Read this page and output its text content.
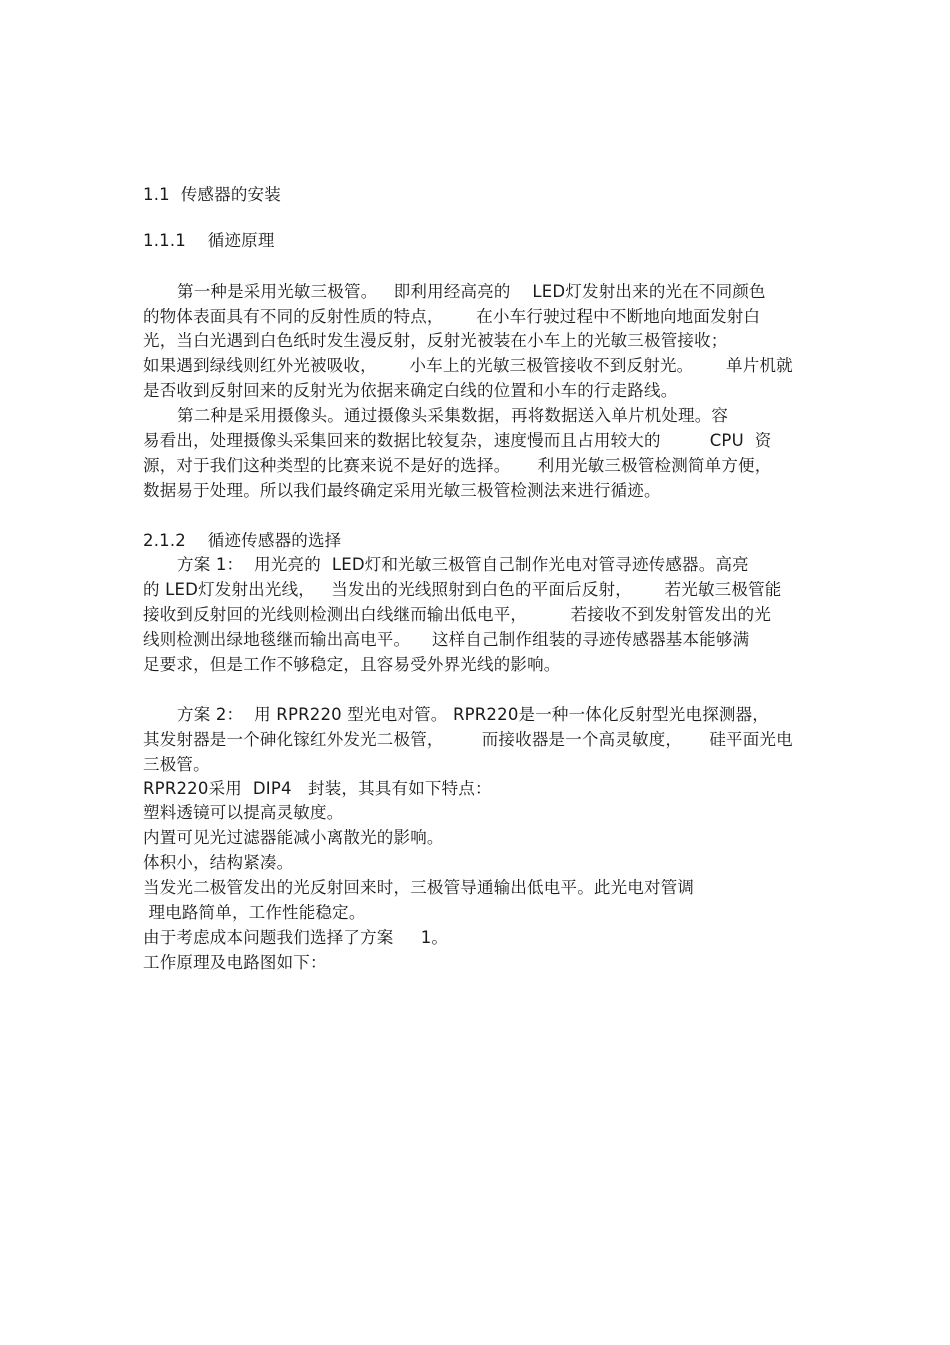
1.1  传感器的安装
1.1.1    循迹原理
第一种是采用光敏三极管。   即利用经高亮的    LED灯发射出来的光在不同颜色
的物体表面具有不同的反射性质的特点，      在小车行驶过程中不断地向地面发射白
光，当白光遇到白色纸时发生漫反射，反射光被装在小车上的光敏三极管接收；
如果遇到绿线则红外光被吸收，      小车上的光敏三极管接收不到反射光。      单片机就
是否收到反射回来的反射光为依据来确定白线的位置和小车的行走路线。
第二种是采用摄像头。通过摄像头采集数据，再将数据送入单片机处理。容
易看出，处理摄像头采集回来的数据比较复杂，速度慢而且占用较大的         CPU  资
源，对于我们这种类型的比赛来说不是好的选择。     利用光敏三极管检测简单方便，
数据易于处理。所以我们最终确定采用光敏三极管检测法来进行循迹。
2.1.2    循迹传感器的选择
方案 1：  用光亮的  LED灯和光敏三极管自己制作光电对管寻迹传感器。高亮
的 LED灯发射出光线，   当发出的光线照射到白色的平面后反射，      若光敏三极管能
接收到反射回的光线则检测出白线继而输出低电平，        若接收不到发射管发出的光
线则检测出绿地毯继而输出高电平。    这样自己制作组装的寻迹传感器基本能够满
足要求，但是工作不够稳定，且容易受外界光线的影响。
方案 2：  用 RPR220 型光电对管。 RPR220是一种一体化反射型光电探测器，
其发射器是一个砷化镓红外发光二极管，       而接收器是一个高灵敏度，     硅平面光电
三极管。
RPR220采用  DIP4   封装，其具有如下特点：
塑料透镜可以提高灵敏度。
内置可见光过滤器能减小离散光的影响。
体积小，结构紧凑。
当发光二极管发出的光反射回来时，三极管导通输出低电平。此光电对管调
理电路简单，工作性能稳定。
由于考虑成本问题我们选择了方案     1。
工作原理及电路图如下：
